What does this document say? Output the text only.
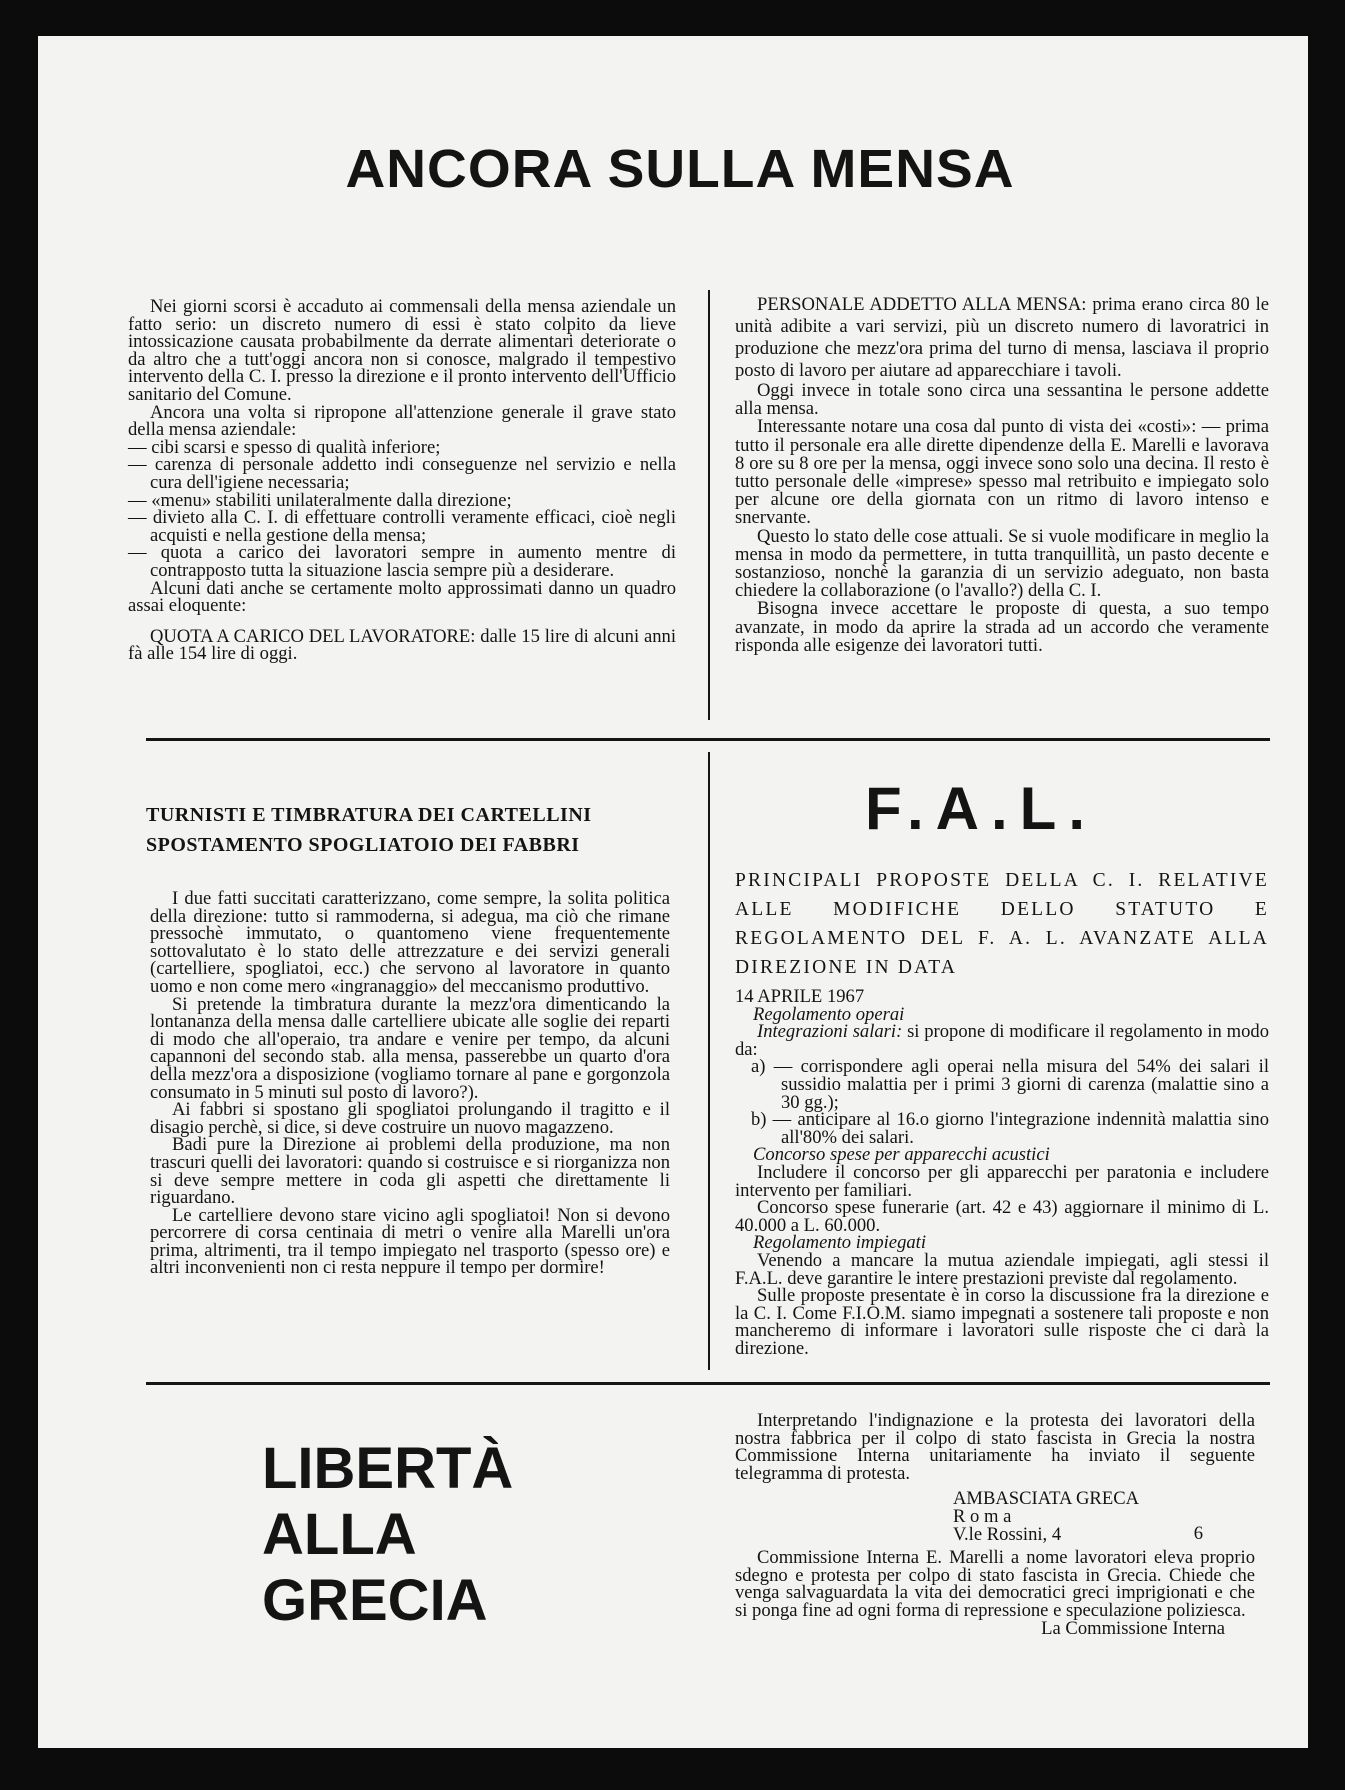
ANCORA SULLA MENSA

Nei giorni scorsi è accaduto ai commensali della mensa aziendale un fatto serio: un discreto numero di essi è stato colpito da lieve intossicazione causata probabilmente da derrate alimentari deteriorate o da altro che a tutt'oggi ancora non si conosce, malgrado il tempestivo intervento della C. I. presso la direzione e il pronto intervento dell'Ufficio sanitario del Comune.

Ancora una volta si ripropone all'attenzione generale il grave stato della mensa aziendale:

— cibi scarsi e spesso di qualità inferiore;

— carenza di personale addetto indi conseguenze nel servizio e nella cura dell'igiene necessaria;

— «menu» stabiliti unilateralmente dalla direzione;

— divieto alla C. I. di effettuare controlli veramente efficaci, cioè negli acquisti e nella gestione della mensa;

— quota a carico dei lavoratori sempre in aumento mentre di contrapposto tutta la situazione lascia sempre più a desiderare.

Alcuni dati anche se certamente molto approssimati danno un quadro assai eloquente:

QUOTA A CARICO DEL LAVORATORE: dalle 15 lire di alcuni anni fà alle 154 lire di oggi.

PERSONALE ADDETTO ALLA MENSA: prima erano circa 80 le unità adibite a vari servizi, più un discreto numero di lavoratrici in produzione che mezz'ora prima del turno di mensa, lasciava il proprio posto di lavoro per aiutare ad apparecchiare i tavoli.

Oggi invece in totale sono circa una sessantina le persone addette alla mensa.

Interessante notare una cosa dal punto di vista dei «costi»: — prima tutto il personale era alle dirette dipendenze della E. Marelli e lavorava 8 ore su 8 ore per la mensa, oggi invece sono solo una decina. Il resto è tutto personale delle «imprese» spesso mal retribuito e impiegato solo per alcune ore della giornata con un ritmo di lavoro intenso e snervante.

Questo lo stato delle cose attuali. Se si vuole modificare in meglio la mensa in modo da permettere, in tutta tranquillità, un pasto decente e sostanzioso, nonchè la garanzia di un servizio adeguato, non basta chiedere la collaborazione (o l'avallo?) della C. I.

Bisogna invece accettare le proposte di questa, a suo tempo avanzate, in modo da aprire la strada ad un accordo che veramente risponda alle esigenze dei lavoratori tutti.

TURNISTI E TIMBRATURA DEI CARTELLINI
SPOSTAMENTO SPOGLIATOIO DEI FABBRI

I due fatti succitati caratterizzano, come sempre, la solita politica della direzione: tutto si rammoderna, si adegua, ma ciò che rimane pressochè immutato, o quantomeno viene frequentemente sottovalutato è lo stato delle attrezzature e dei servizi generali (cartelliere, spogliatoi, ecc.) che servono al lavoratore in quanto uomo e non come mero «ingranaggio» del meccanismo produttivo.

Si pretende la timbratura durante la mezz'ora dimenticando la lontananza della mensa dalle cartelliere ubicate alle soglie dei reparti di modo che all'operaio, tra andare e venire per tempo, da alcuni capannoni del secondo stab. alla mensa, passerebbe un quarto d'ora della mezz'ora a disposizione (vogliamo tornare al pane e gorgonzola consumato in 5 minuti sul posto di lavoro?).

Ai fabbri si spostano gli spogliatoi prolungando il tragitto e il disagio perchè, si dice, si deve costruire un nuovo magazzeno.

Badi pure la Direzione ai problemi della produzione, ma non trascuri quelli dei lavoratori: quando si costruisce e si riorganizza non si deve sempre mettere in coda gli aspetti che direttamente li riguardano.

Le cartelliere devono stare vicino agli spogliatoi! Non si devono percorrere di corsa centinaia di metri o venire alla Marelli un'ora prima, altrimenti, tra il tempo impiegato nel trasporto (spesso ore) e altri inconvenienti non ci resta neppure il tempo per dormire!

F.A.L.

PRINCIPALI PROPOSTE DELLA C. I. RELATIVE ALLE MODIFICHE DELLO STATUTO E REGOLAMENTO DEL F. A. L. AVANZATE ALLA DIREZIONE IN DATA

14 APRILE 1967

Regolamento operai

Integrazioni salari: si propone di modificare il regolamento in modo da:

a) — corrispondere agli operai nella misura del 54% dei salari il sussidio malattia per i primi 3 giorni di carenza (malattie sino a 30 gg.);

b) — anticipare al 16.o giorno l'integrazione indennità malattia sino all'80% dei salari.

Concorso spese per apparecchi acustici

Includere il concorso per gli apparecchi per paratonia e includere intervento per familiari.

Concorso spese funerarie (art. 42 e 43) aggiornare il minimo di L. 40.000 a L. 60.000.

Regolamento impiegati

Venendo a mancare la mutua aziendale impiegati, agli stessi il F.A.L. deve garantire le intere prestazioni previste dal regolamento.

Sulle proposte presentate è in corso la discussione fra la direzione e la C. I. Come F.I.O.M. siamo impegnati a sostenere tali proposte e non mancheremo di informare i lavoratori sulle risposte che ci darà la direzione.

LIBERTÀ
ALLA
GRECIA

Interpretando l'indignazione e la protesta dei lavoratori della nostra fabbrica per il colpo di stato fascista in Grecia la nostra Commissione Interna unitariamente ha inviato il seguente telegramma di protesta.

AMBASCIATA GRECA
R o m a
V.le Rossini, 4	6

Commissione Interna E. Marelli a nome lavoratori eleva proprio sdegno e protesta per colpo di stato fascista in Grecia. Chiede che venga salvaguardata la vita dei democratici greci imprigionati e che si ponga fine ad ogni forma di repressione e speculazione poliziesca.

La Commissione Interna
